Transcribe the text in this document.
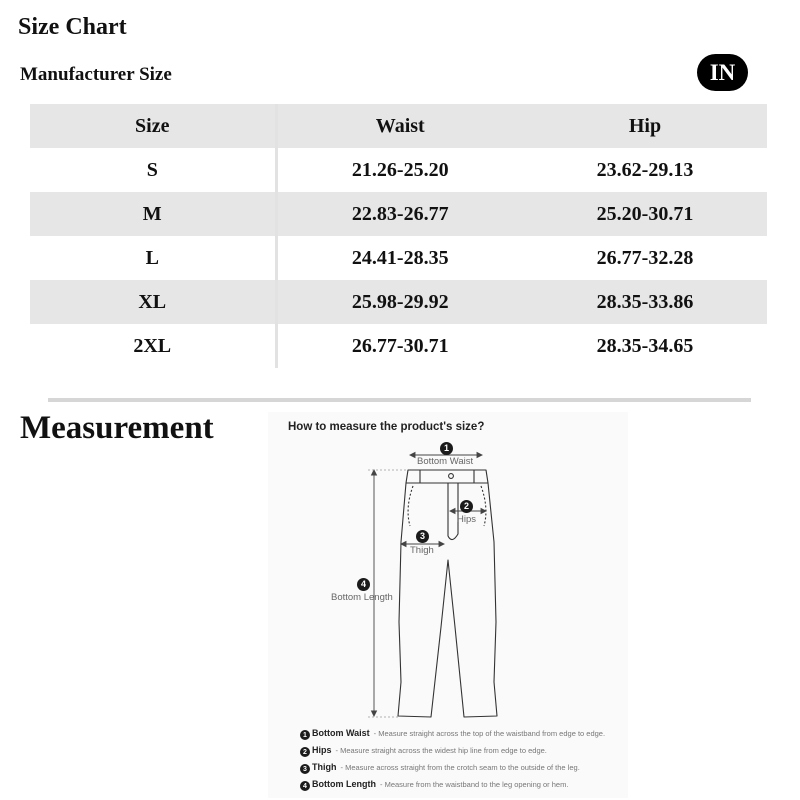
Size Chart
Manufacturer Size	IN
Size	Waist	Hip
S	21.26-25.20	23.62-29.13
M	22.83-26.77	25.20-30.71
L	24.41-28.35	26.77-32.28
XL	25.98-29.92	28.35-33.86
2XL	26.77-30.71	28.35-34.65
Measurement	How to measure the product's size?
1
Bottom Waist
2
Hips
3
Thigh
4
Bottom Length
1 Bottom Waist - Measure straight across the top of the waistband from edge to edge.
2 Hips - Measure straight across the widest hip line from edge to edge.
3 Thigh - Measure across straight from the crotch seam to the outside of the leg.
4 Bottom Length - Measure from the waistband to the leg opening or hem.
